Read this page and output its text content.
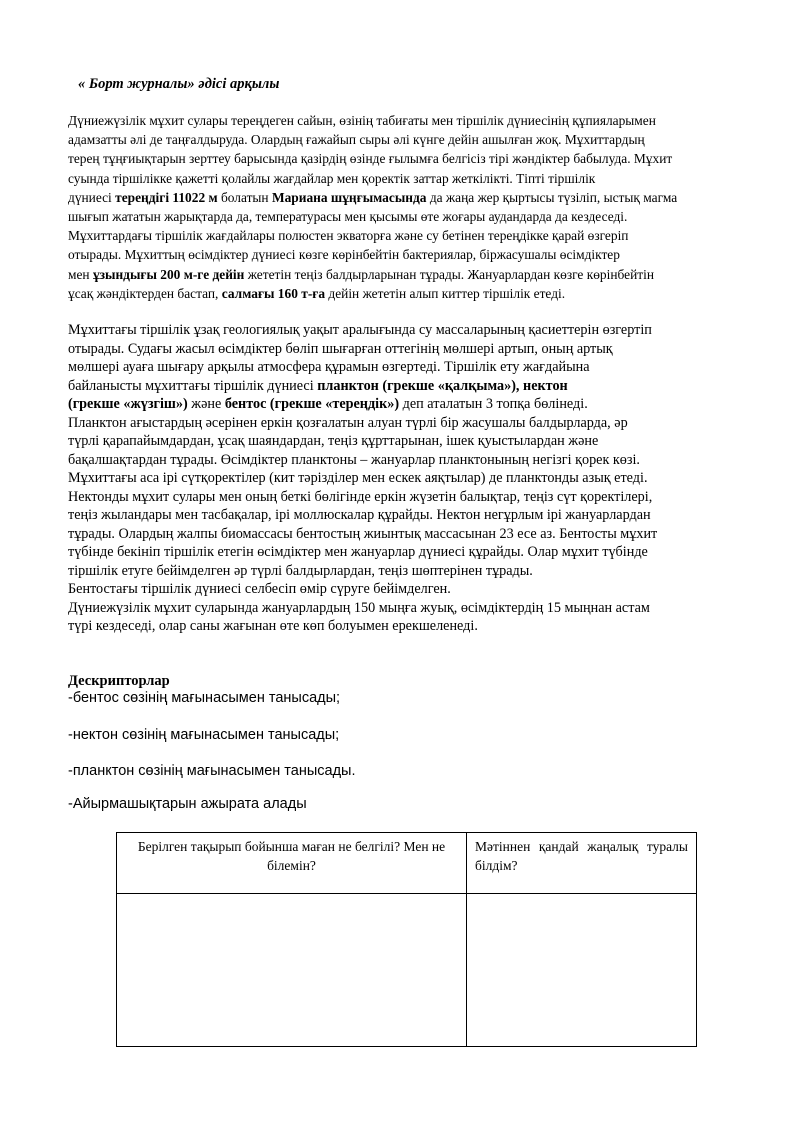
« Борт журналы» әдісі арқылы

Дүниежүзілік мұхит сулары тереңдеген сайын, өзінің табиғаты мен тіршілік дүниесінің құпияларымен
адамзатты әлі де таңғалдыруда. Олардың ғажайып сыры әлі күнге дейін ашылған жоқ. Мұхиттардың
терең тұңғиықтарын зерттеу барысында қазірдің өзінде ғылымға белгісіз тірі жәндіктер бабылуда. Мұхит
суында тіршілікке қажетті қолайлы жағдайлар мен қоректік заттар жеткілікті. Тіпті тіршілік
дүниесі тереңдігі 11022 м болатын Мариана шұңғымасында да жаңа жер қыртысы түзіліп, ыстық магма
шығып жататын жарықтарда да, температурасы мен қысымы өте жоғары аудандарда да кездеседі.
Мұхиттардағы тіршілік жағдайлары полюстен экваторға және су бетінен тереңдікке қарай өзгеріп
отырады. Мұхиттың өсімдіктер дүниесі көзге көрінбейтін бактериялар, біржасушалы өсімдіктер
мен ұзындығы 200 м-ге дейін жететін теңіз балдырларынан тұрады. Жануарлардан көзге көрінбейтін
ұсақ жәндіктерден бастап, салмағы 160 т-ға дейін жететін алып киттер тіршілік етеді.
Мұхиттағы тіршілік ұзақ геологиялық уақыт аралығында су массаларының қасиеттерін өзгертіп
отырады. Судағы жасыл өсімдіктер бөліп шығарған оттегінің мөлшері артып, оның артық
мөлшері ауаға шығару арқылы атмосфера құрамын өзгертеді. Тіршілік ету жағдайына
байланысты мұхиттағы тіршілік дүниесі планктон (грекше «қалқыма»), нектон
(грекше «жүзгіш») және бентос (грекше «тереңдік») деп аталатын 3 топқа бөлінеді.
Планктон ағыстардың әсерінен еркін қозғалатын алуан түрлі бір жасушалы балдырларда, әр
түрлі қарапайымдардан, ұсақ шаяндардан, теңіз құрттарынан, ішек қуыстылардан және
бақалшақтардан тұрады. Өсімдіктер планктоны – жануарлар планктонының негізгі қорек көзі.
Мұхиттағы аса ірі сүтқоректілер (кит тәрізділер мен ескек аяқтылар) де планктонды азық етеді.
Нектонды мұхит сулары мен оның беткі бөлігінде еркін жүзетін балықтар, теңіз сүт қоректілері,
теңіз жыландары мен тасбақалар, ірі моллюскалар құрайды. Нектон негұрлым ірі жануарлардан
тұрады. Олардың жалпы биомассасы бентостың жиынтық массасынан 23 есе аз. Бентосты мұхит
түбінде бекініп тіршілік етегін өсімдіктер мен жануарлар дүниесі құрайды. Олар мұхит түбінде
тіршілік етуге бейімделген әр түрлі балдырлардан, теңіз шөптерінен тұрады.
Бентостағы тіршілік дүниесі селбесіп өмір сүруге бейімделген.
Дүниежүзілік мұхит суларында жануарлардың 150 мыңға жуық, өсімдіктердің 15 мыңнан астам
түрі кездеседі, олар саны жағынан өте көп болуымен ерекшеленеді.

Дескрипторлар

-бентос сөзінің мағынасымен танысады;

-нектон сөзінің мағынасымен танысады;

-планктон сөзінің мағынасымен танысады.

-Айырмашықтарын ажырата алады

Берілген тақырып бойынша маған не белгілі? Мен не білемін?	Мәтіннен қандай жаңалық туралы білдім?
